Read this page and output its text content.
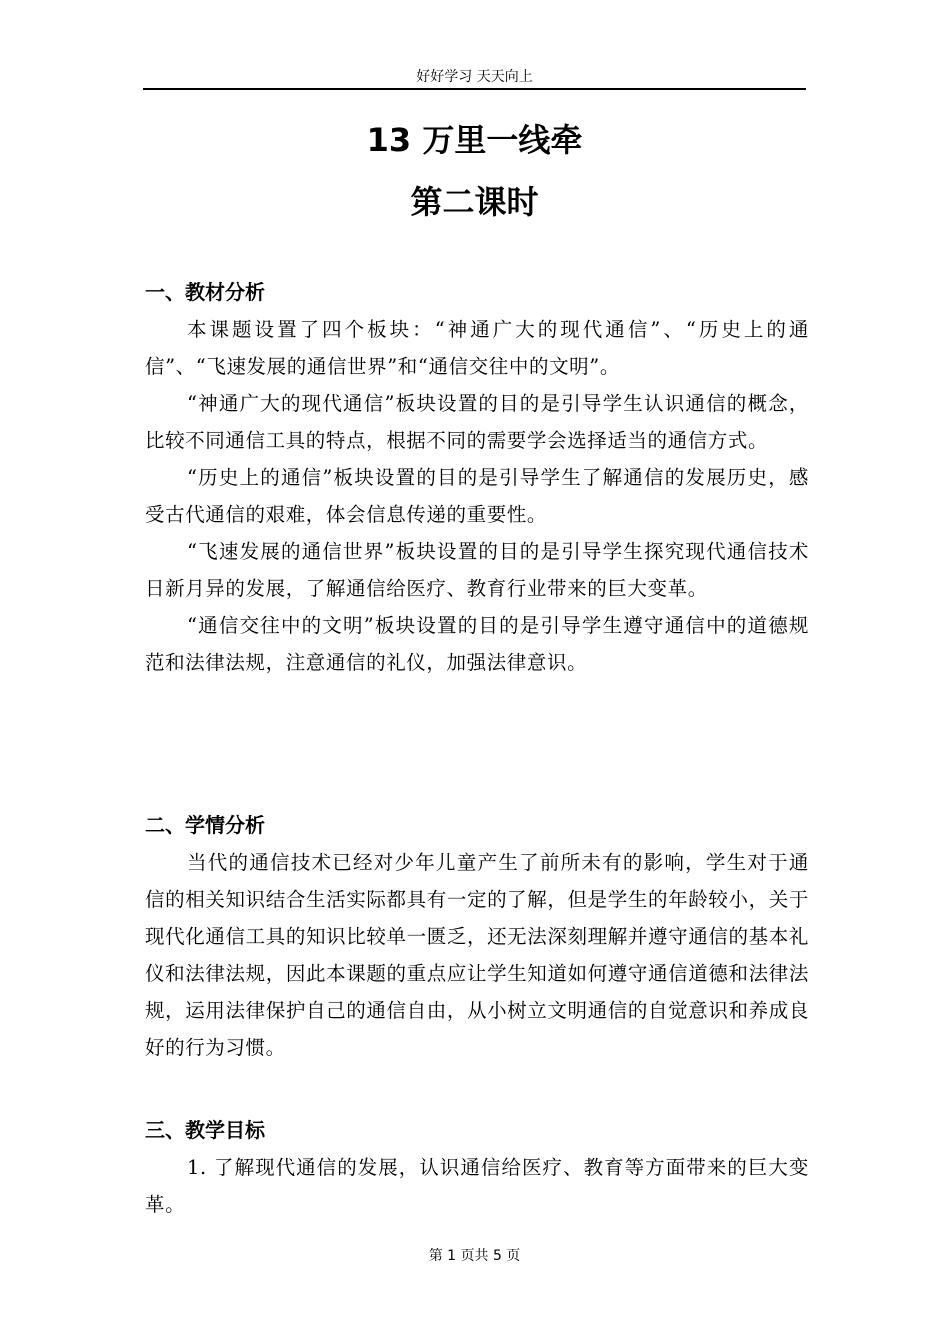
好好学习 天天向上
13 万里一线牵
第二课时
一、教材分析

本课题设置了四个板块：“神通广大的现代通信”、“历史上的通信”、“飞速发展的通信世界”和“通信交往中的文明”。

“神通广大的现代通信”板块设置的目的是引导学生认识通信的概念，比较不同通信工具的特点，根据不同的需要学会选择适当的通信方式。

“历史上的通信”板块设置的目的是引导学生了解通信的发展历史，感受古代通信的艰难，体会信息传递的重要性。

“飞速发展的通信世界”板块设置的目的是引导学生探究现代通信技术日新月异的发展，了解通信给医疗、教育行业带来的巨大变革。

“通信交往中的文明”板块设置的目的是引导学生遵守通信中的道德规范和法律法规，注意通信的礼仪，加强法律意识。

二、学情分析

当代的通信技术已经对少年儿童产生了前所未有的影响，学生对于通信的相关知识结合生活实际都具有一定的了解，但是学生的年龄较小，关于现代化通信工具的知识比较单一匮乏，还无法深刻理解并遵守通信的基本礼仪和法律法规，因此本课题的重点应让学生知道如何遵守通信道德和法律法规，运用法律保护自己的通信自由，从小树立文明通信的自觉意识和养成良好的行为习惯。

三、教学目标

1. 了解现代通信的发展，认识通信给医疗、教育等方面带来的巨大变革。

第 1 页共 5 页
